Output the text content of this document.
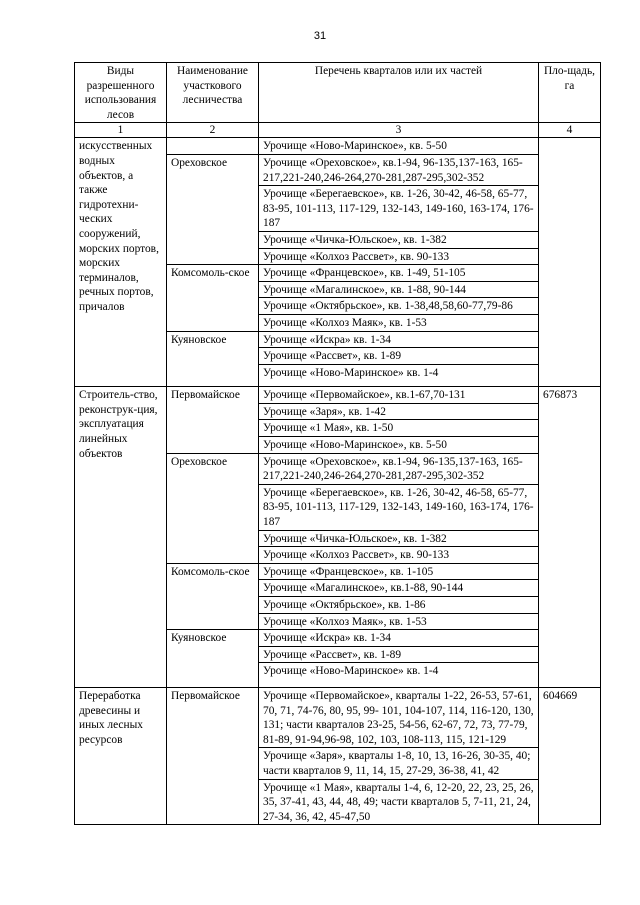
31
Виды разрешенного использования лесов	Наименование участкового лесничества	Перечень кварталов или их частей	Пло-щадь, га
1	2	3	4
искусственных водных объектов, а также гидротехни-ческих сооружений, морских портов, морских терминалов, речных портов, причалов		Урочище «Ново-Маринское», кв. 5-50	
	Ореховское	Урочище «Ореховское», кв.1-94, 96-135,137-163, 165-217,221-240,246-264,270-281,287-295,302-352	
		Урочище «Берегаевское», кв. 1-26, 30-42, 46-58, 65-77, 83-95, 101-113, 117-129, 132-143, 149-160, 163-174, 176-187	
		Урочище «Чичка-Юльское», кв. 1-382	
		Урочище «Колхоз Рассвет», кв. 90-133	
	Комсомоль-ское	Урочище «Францевское», кв. 1-49, 51-105	
		Урочище «Магалинское», кв. 1-88, 90-144	
		Урочище «Октябрьское», кв. 1-38,48,58,60-77,79-86	
		Урочище «Колхоз Маяк», кв. 1-53	
	Куяновское	Урочище «Искра» кв. 1-34	
		Урочище «Рассвет», кв. 1-89	
		Урочище «Ново-Маринское» кв. 1-4	
Строитель-ство, реконструк-ция, эксплуатация линейных объектов	Первомайское	Урочище «Первомайское», кв.1-67,70-131	676873
		Урочище «Заря», кв. 1-42	
		Урочище «1 Мая», кв. 1-50	
		Урочище «Ново-Маринское», кв. 5-50	
	Ореховское	Урочище «Ореховское», кв.1-94, 96-135,137-163, 165-217,221-240,246-264,270-281,287-295,302-352	
		Урочище «Берегаевское», кв. 1-26, 30-42, 46-58, 65-77, 83-95, 101-113, 117-129, 132-143, 149-160, 163-174, 176-187	
		Урочище «Чичка-Юльское», кв. 1-382	
		Урочище «Колхоз Рассвет», кв. 90-133	
	Комсомоль-ское	Урочище «Францевское», кв. 1-105	
		Урочище «Магалинское», кв.1-88, 90-144	
		Урочище «Октябрьское», кв. 1-86	
		Урочище «Колхоз Маяк», кв. 1-53	
	Куяновское	Урочище «Искра» кв. 1-34	
		Урочище «Рассвет», кв. 1-89	
		Урочище «Ново-Маринское» кв. 1-4	
Переработка древесины и иных лесных ресурсов	Первомайское	Урочище «Первомайское», кварталы 1-22, 26-53, 57-61, 70, 71, 74-76, 80, 95, 99- 101, 104-107, 114, 116-120, 130, 131; части кварталов 23-25, 54-56, 62-67, 72, 73, 77-79, 81-89, 91-94,96-98, 102, 103, 108-113, 115, 121-129	604669
		Урочище «Заря», кварталы 1-8, 10, 13, 16-26, 30-35, 40; части кварталов 9, 11, 14, 15, 27-29, 36-38, 41, 42	
		Урочище «1 Мая», кварталы 1-4, 6, 12-20, 22, 23, 25, 26, 35, 37-41, 43, 44, 48, 49; части кварталов 5, 7-11, 21, 24, 27-34, 36, 42, 45-47,50	
